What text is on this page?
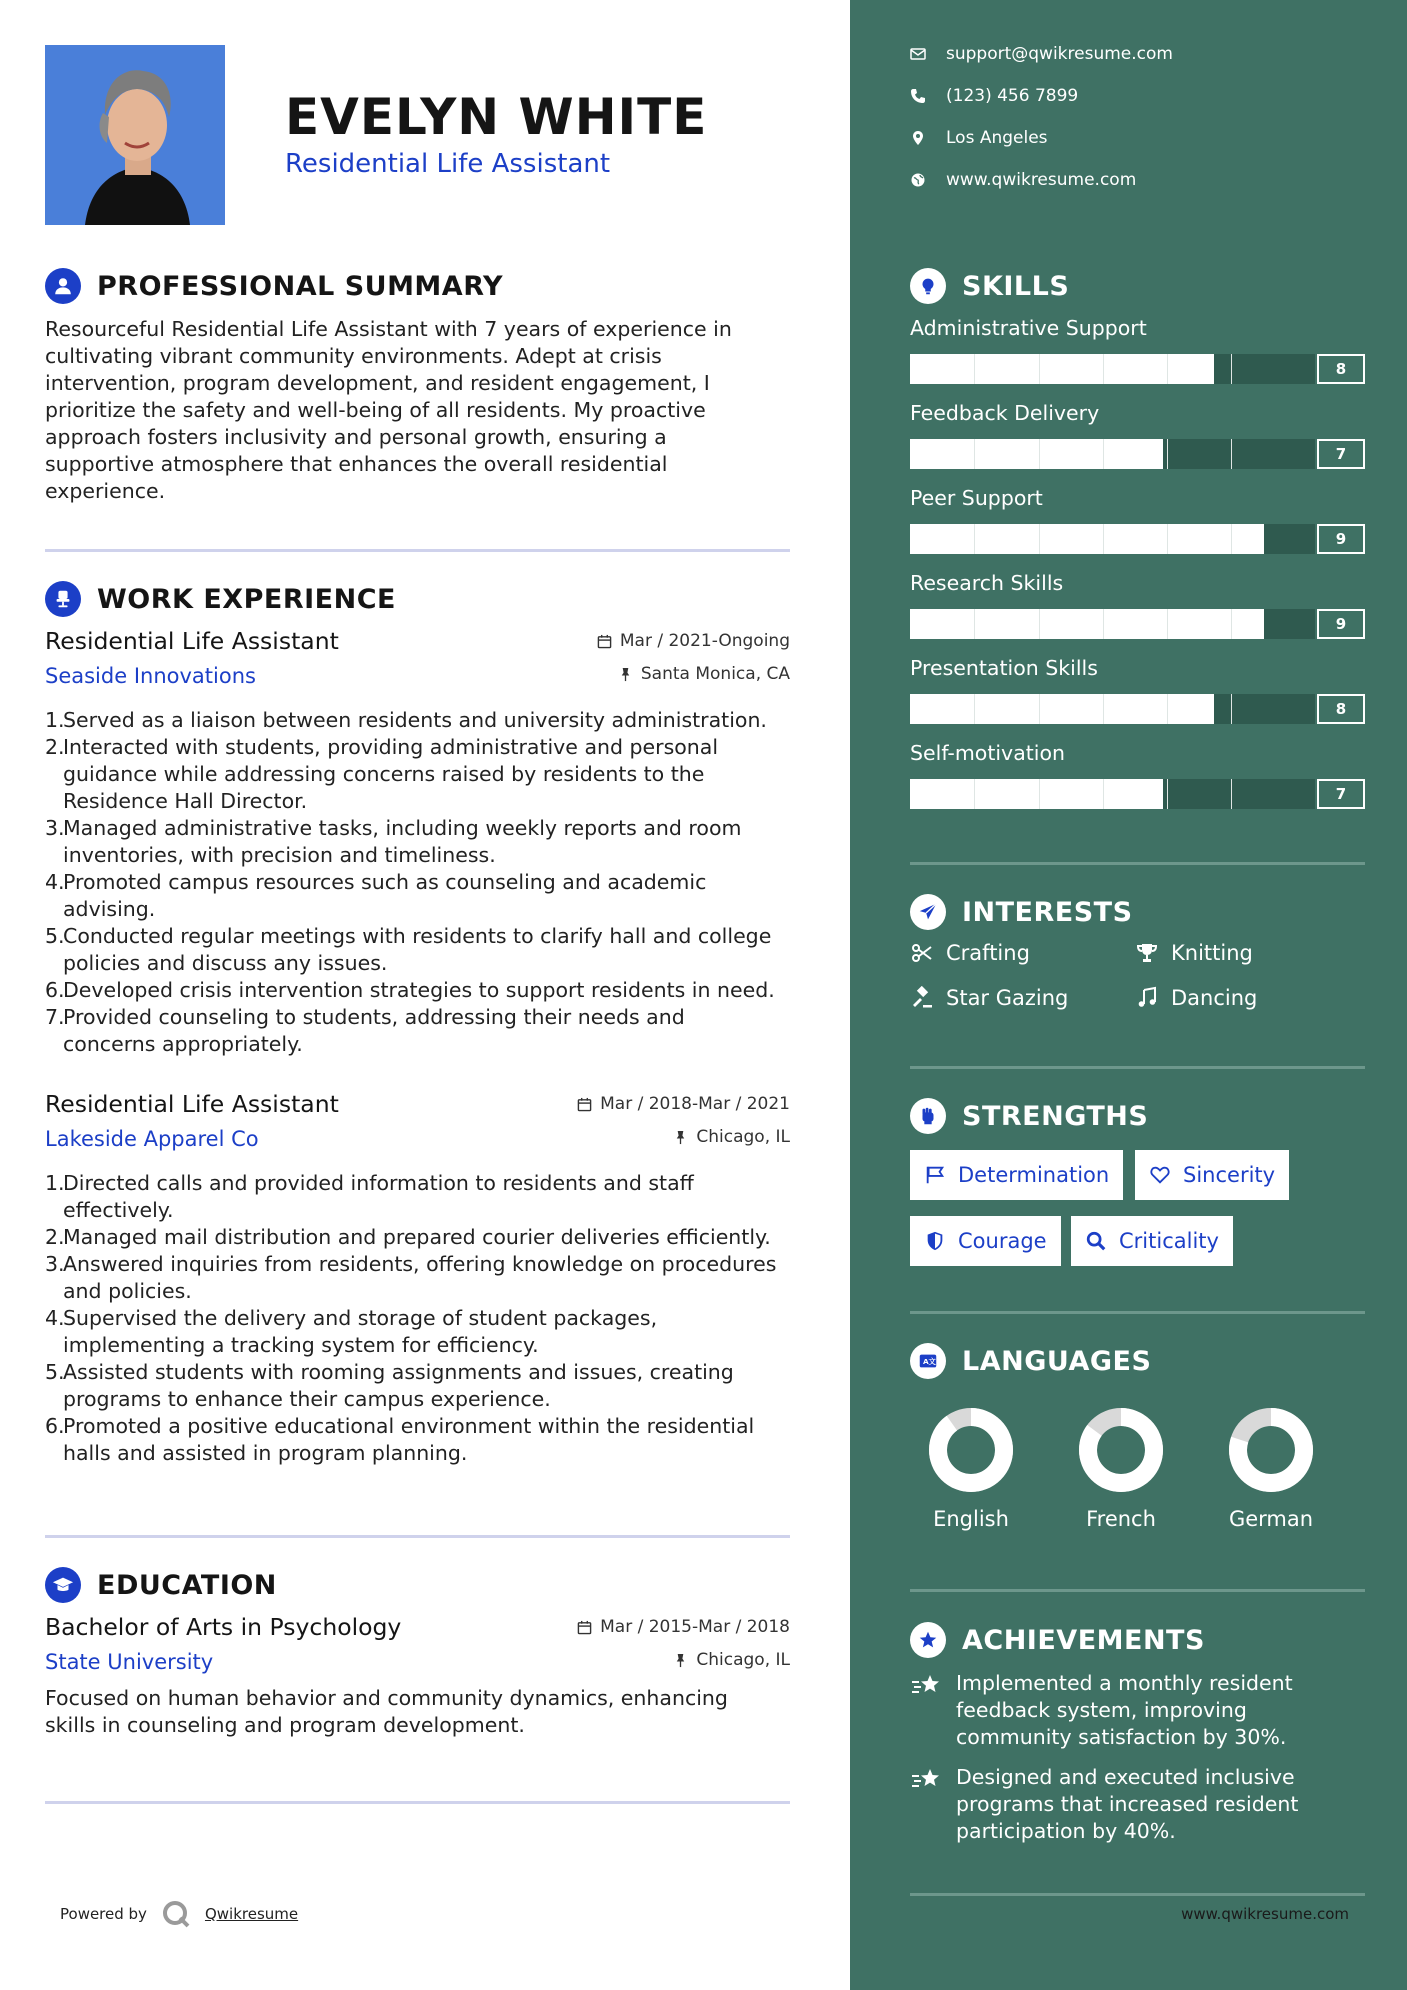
EVELYN WHITE
Residential Life Assistant
PROFESSIONAL SUMMARY
Resourceful Residential Life Assistant with 7 years of experience in
cultivating vibrant community environments. Adept at crisis
intervention, program development, and resident engagement, I
prioritize the safety and well-being of all residents. My proactive
approach fosters inclusivity and personal growth, ensuring a
supportive atmosphere that enhances the overall residential
experience.
WORK EXPERIENCE
Residential Life Assistant
Seaside Innovations
Mar / 2021-Ongoing
Santa Monica, CA
1.
Served as a liaison between residents and university administration.
2.
Interacted with students, providing administrative and personal
guidance while addressing concerns raised by residents to the
Residence Hall Director.
3.
Managed administrative tasks, including weekly reports and room
inventories, with precision and timeliness.
4.
Promoted campus resources such as counseling and academic
advising.
5.
Conducted regular meetings with residents to clarify hall and college
policies and discuss any issues.
6.
Developed crisis intervention strategies to support residents in need.
7.
Provided counseling to students, addressing their needs and
concerns appropriately.
Residential Life Assistant
Lakeside Apparel Co
Mar / 2018-Mar / 2021
Chicago, IL
1.
Directed calls and provided information to residents and staff
effectively.
2.
Managed mail distribution and prepared courier deliveries efficiently.
3.
Answered inquiries from residents, offering knowledge on procedures
and policies.
4.
Supervised the delivery and storage of student packages,
implementing a tracking system for efficiency.
5.
Assisted students with rooming assignments and issues, creating
programs to enhance their campus experience.
6.
Promoted a positive educational environment within the residential
halls and assisted in program planning.
EDUCATION
Bachelor of Arts in Psychology
State University
Mar / 2015-Mar / 2018
Chicago, IL
Focused on human behavior and community dynamics, enhancing
skills in counseling and program development.
Powered by	Qwikresume
support@qwikresume.com
(123) 456 7899
Los Angeles
www.qwikresume.com
SKILLS
Administrative Support
8
Feedback Delivery
7
Peer Support
9
Research Skills
9
Presentation Skills
8
Self-motivation
7
INTERESTS
Crafting	Knitting
Star Gazing	Dancing
STRENGTHS
Determination	Sincerity
Courage	Criticality
A 文 LANGUAGES
English	French	German
ACHIEVEMENTS
Implemented a monthly resident
feedback system, improving
community satisfaction by 30%.
Designed and executed inclusive
programs that increased resident
participation by 40%.
www.qwikresume.com
